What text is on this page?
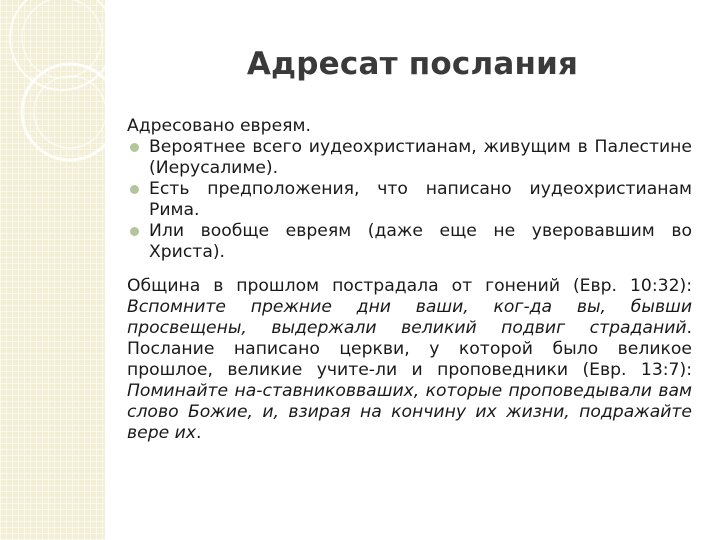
Адресат послания

Адресовано евреям.

Вероятнее всего иудеохристианам, живущим в Палестине (Иерусалиме).
Есть предположения, что написано иудеохристианам Рима.
Или вообще евреям (даже еще не уверовавшим во Христа).
Община в прошлом пострадала от гонений (Евр. 10:32): Вспомните прежние дни ваши, ког-да вы, бывши просвещены, выдержали великий подвиг страданий. Послание написано церкви, у которой было великое прошлое, великие учите-ли и проповедники (Евр. 13:7): Поминайте на-ставниковваших, которые проповедывали вам слово Божие, и, взирая на кончину их жизни, подражайте вере их.
